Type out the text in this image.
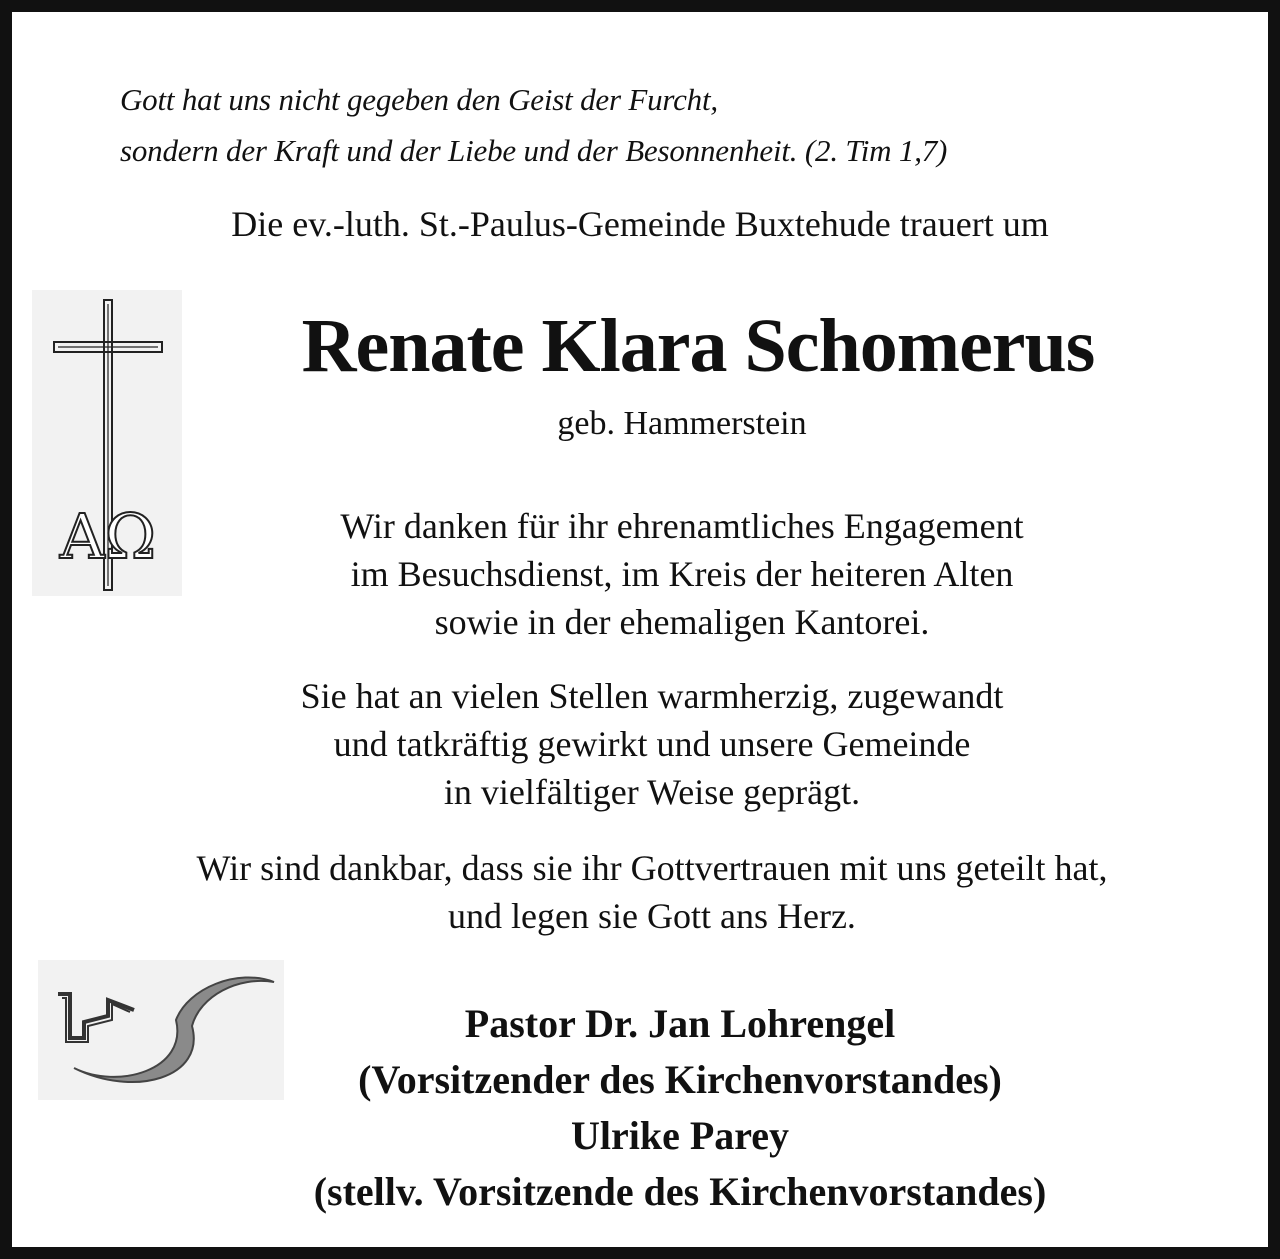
Gott hat uns nicht gegeben den Geist der Furcht,
sondern der Kraft und der Liebe und der Besonnenheit. (2. Tim 1,7)
Die ev.-luth. St.-Paulus-Gemeinde Buxtehude trauert um
AΩ
Renate Klara Schomerus
geb. Hammerstein
Wir danken für ihr ehrenamtliches Engagement
im Besuchsdienst, im Kreis der heiteren Alten
sowie in der ehemaligen Kantorei.
Sie hat an vielen Stellen warmherzig, zugewandt
und tatkräftig gewirkt und unsere Gemeinde
in vielfältiger Weise geprägt.
Wir sind dankbar, dass sie ihr Gottvertrauen mit uns geteilt hat,
und legen sie Gott ans Herz.
Pastor Dr. Jan Lohrengel
(Vorsitzender des Kirchenvorstandes)
Ulrike Parey
(stellv. Vorsitzende des Kirchenvorstandes)
